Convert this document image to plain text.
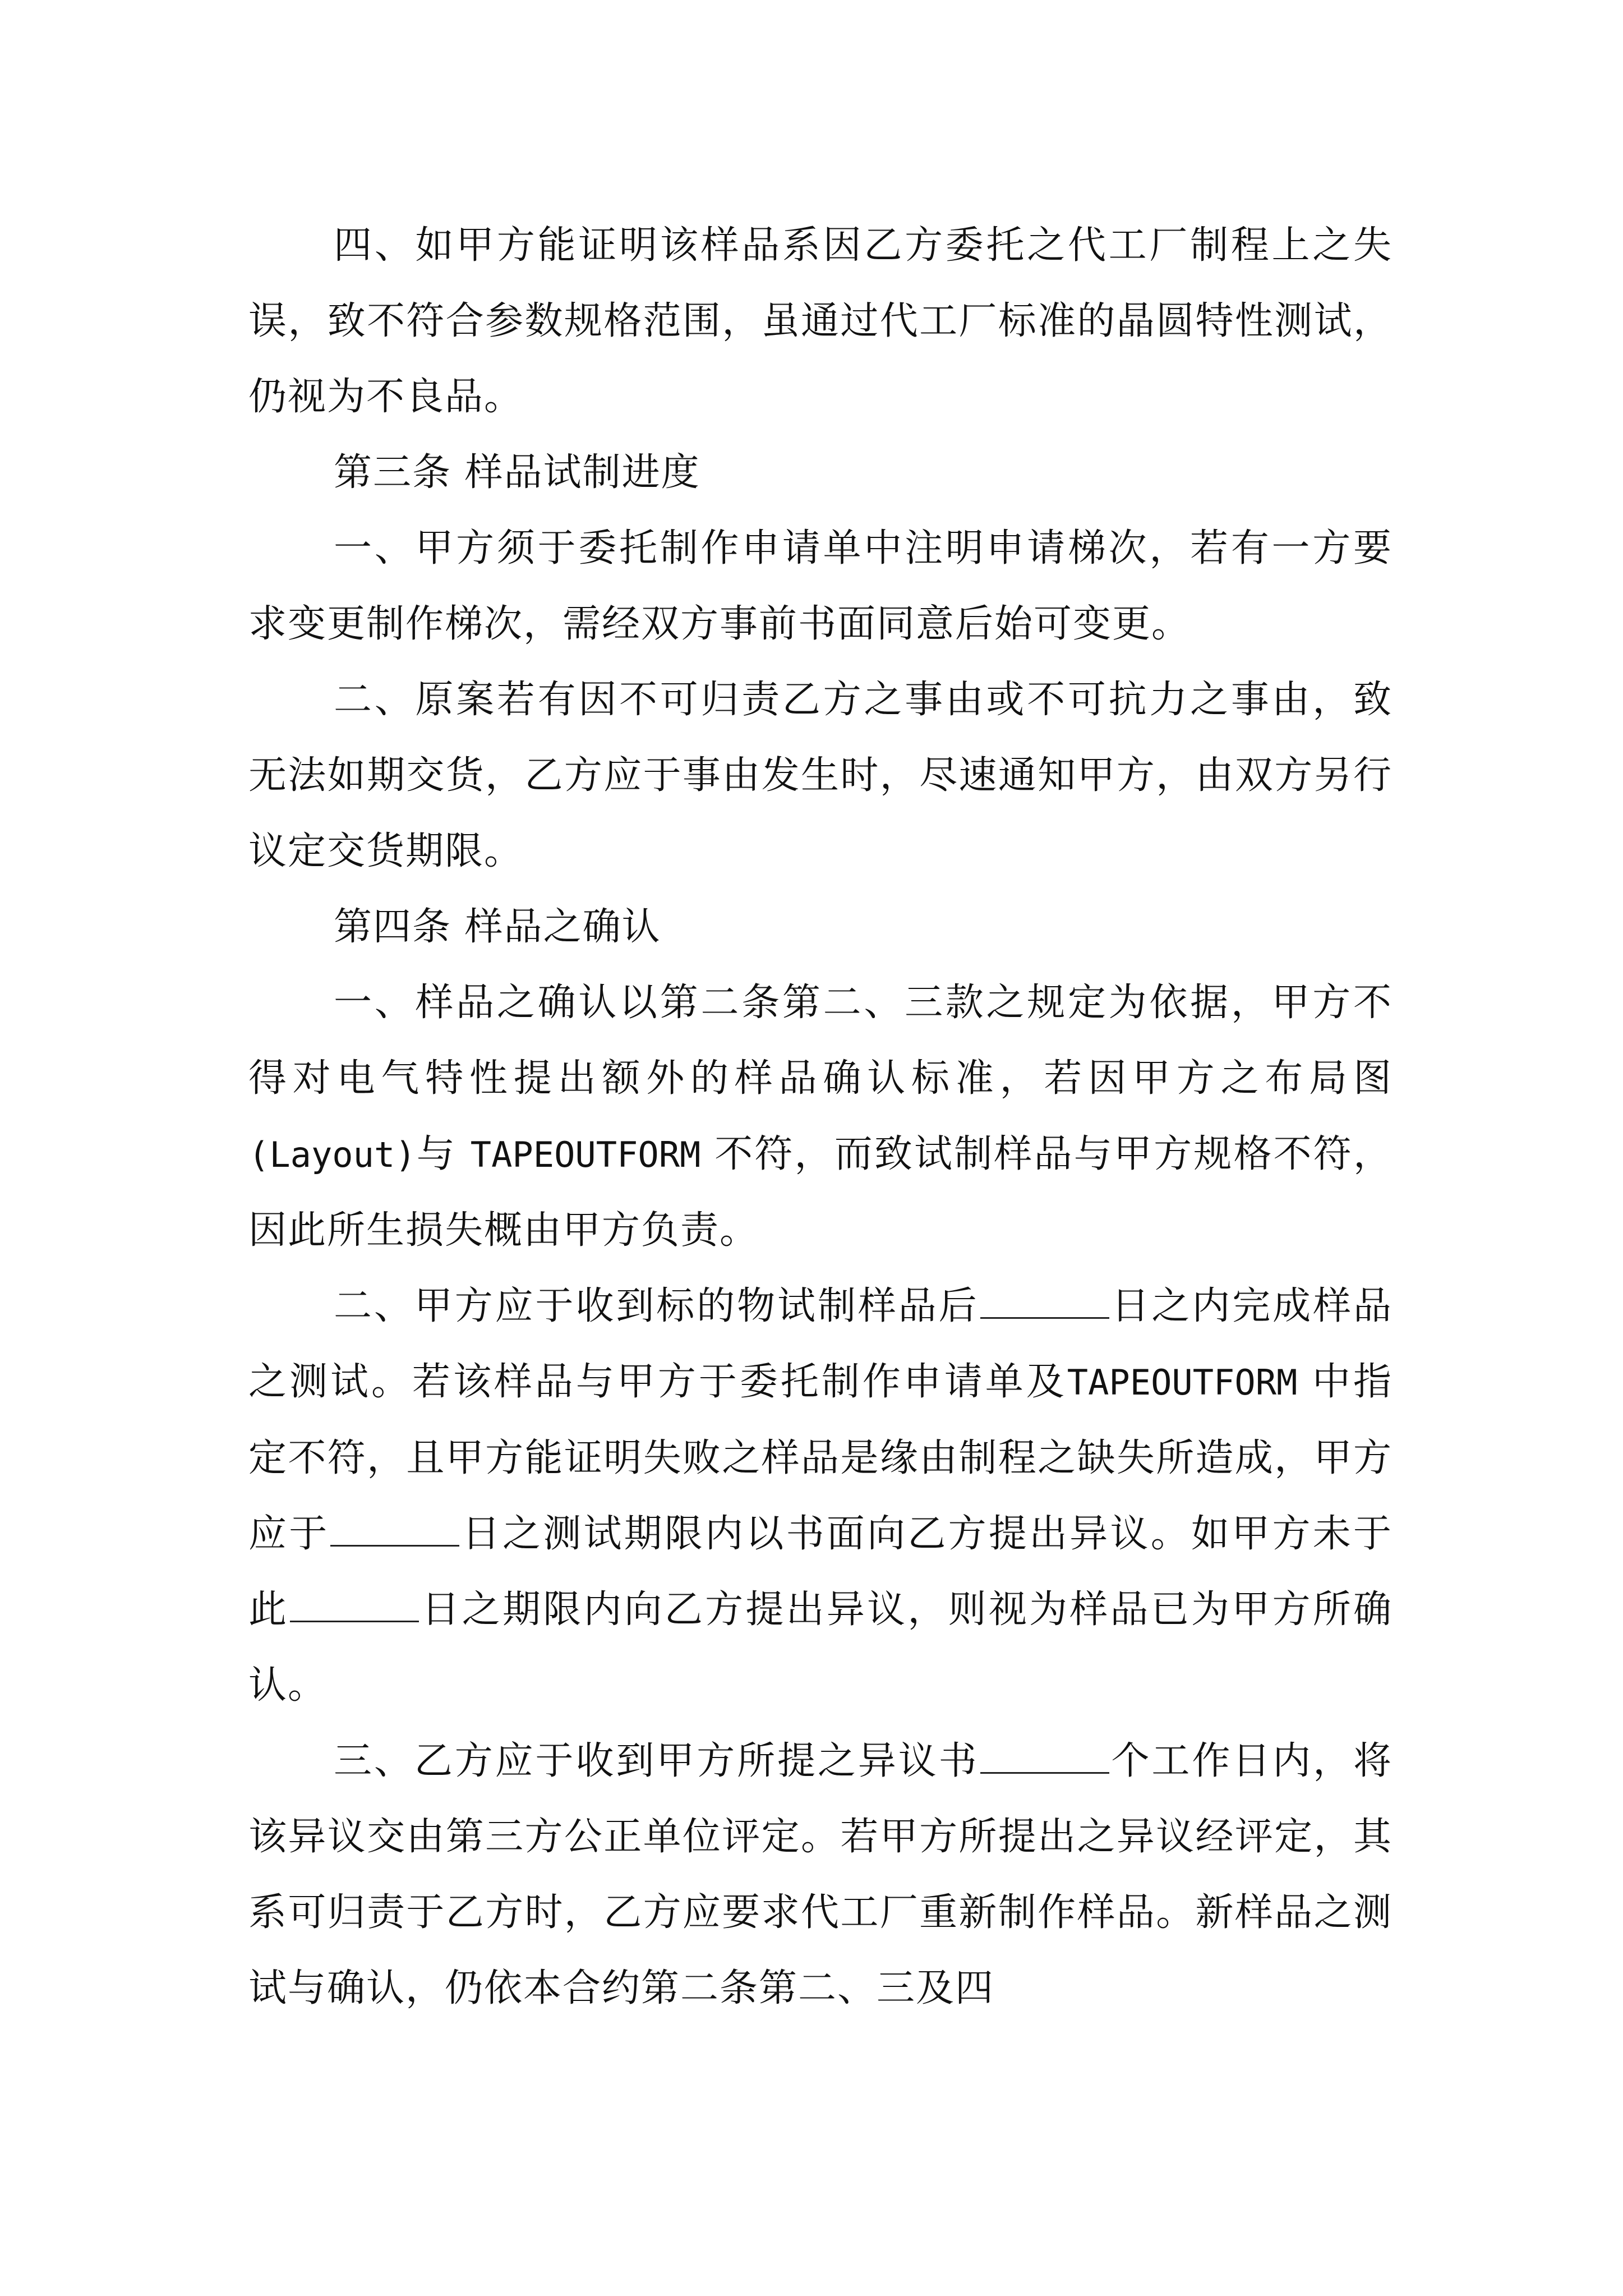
四、如甲方能证明该样品系因乙方委托之代工厂制程上之失误，致不符合参数规格范围，虽通过代工厂标准的晶圆特性测试，仍视为不良品。

第三条 样品试制进度

一、甲方须于委托制作申请单中注明申请梯次，若有一方要求变更制作梯次，需经双方事前书面同意后始可变更。

二、原案若有因不可归责乙方之事由或不可抗力之事由，致无法如期交货，乙方应于事由发生时，尽速通知甲方，由双方另行议定交货期限。

第四条 样品之确认

一、样品之确认以第二条第二、三款之规定为依据，甲方不得对电气特性提出额外的样品确认标准，若因甲方之布局图(Layout)与 TAPEOUTFORM 不符，而致试制样品与甲方规格不符，因此所生损失概由甲方负责。

二、甲方应于收到标的物试制样品后	日之内完成样品之测试。若该样品与甲方于委托制作申请单及TAPEOUTFORM 中指定不符，且甲方能证明失败之样品是缘由制程之缺失所造成，甲方应于	日之测试期限内以书面向乙方提出异议。如甲方未于此	日之期限内向乙方提出异议，则视为样品已为甲方所确认。

三、乙方应于收到甲方所提之异议书	个工作日内，将该异议交由第三方公正单位评定。若甲方所提出之异议经评定，其系可归责于乙方时，乙方应要求代工厂重新制作样品。新样品之测试与确认，仍依本合约第二条第二、三及四
